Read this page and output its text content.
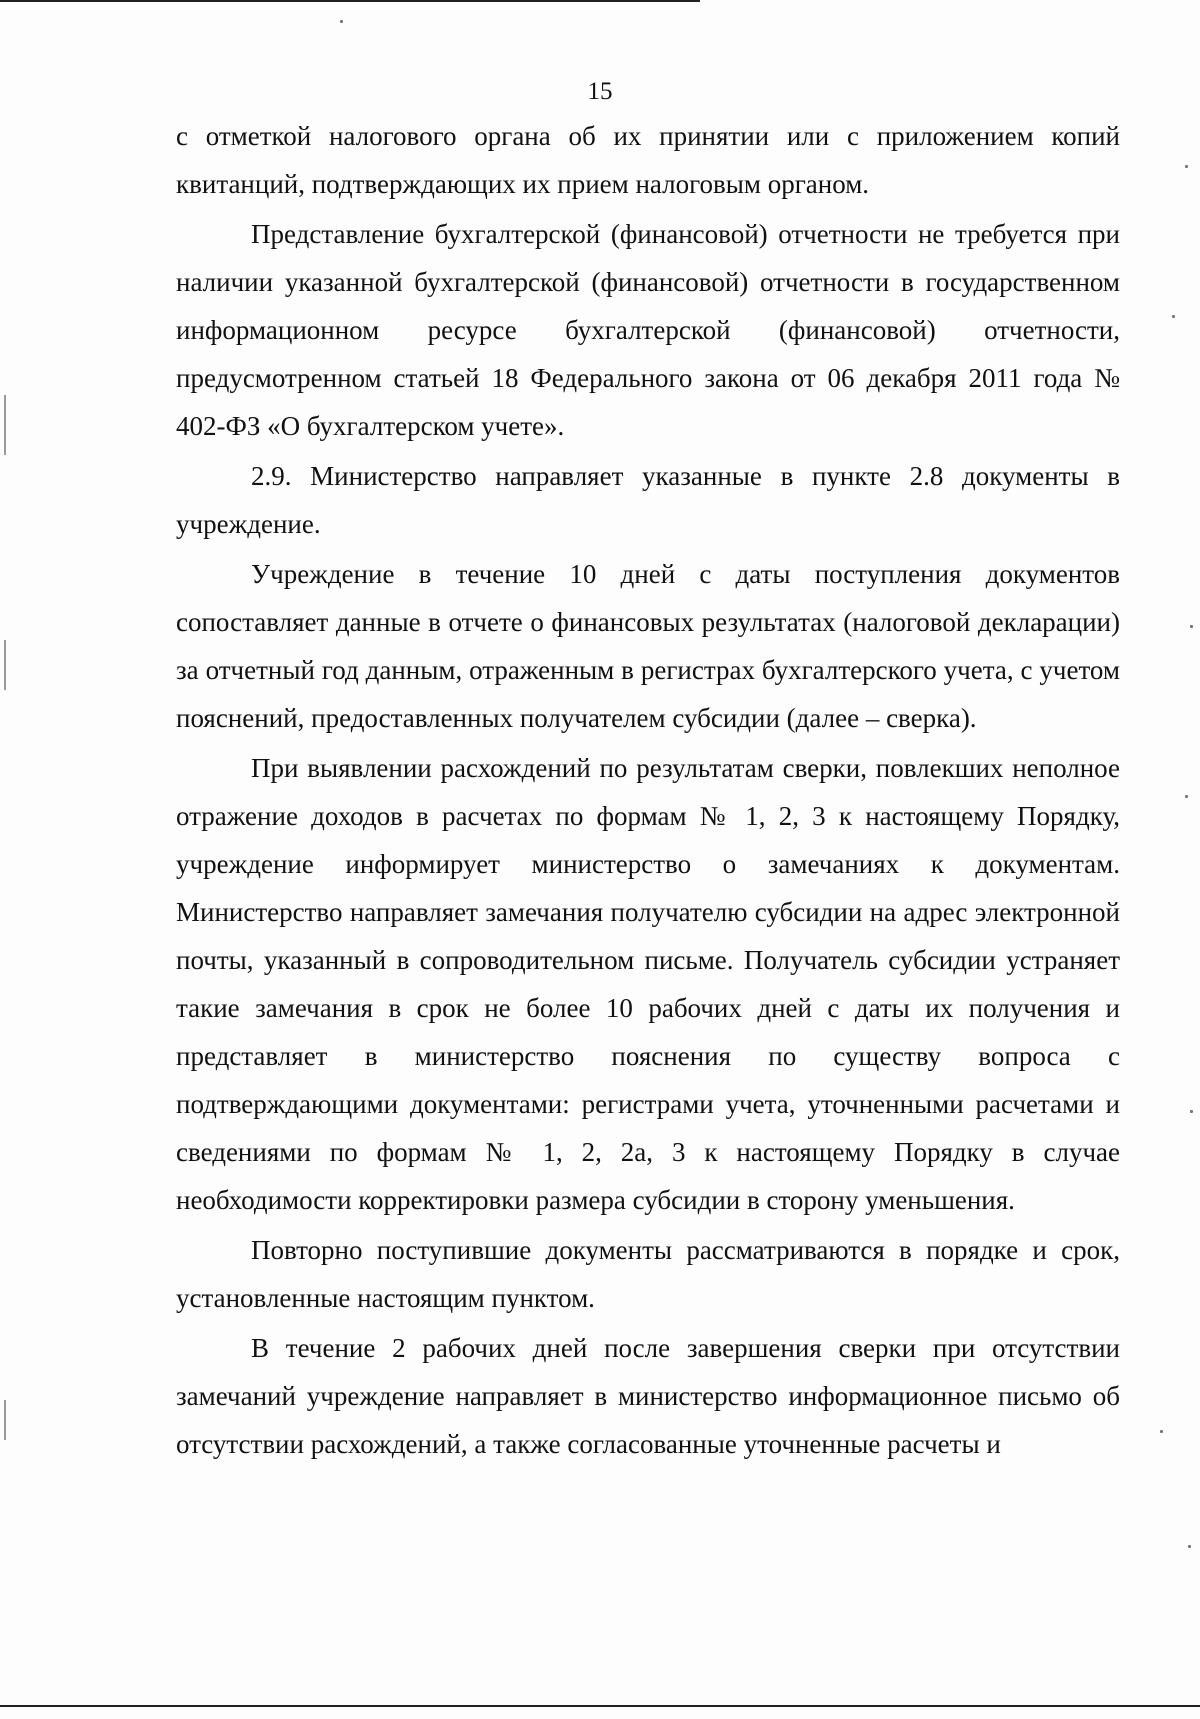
15

с отметкой налогового органа об их принятии или с приложением копий квитанций, подтверждающих их прием налоговым органом.

Представление бухгалтерской (финансовой) отчетности не требуется при наличии указанной бухгалтерской (финансовой) отчетности в государственном информационном ресурсе бухгалтерской (финансовой) отчетности, предусмотренном статьей 18 Федерального закона от 06 декабря 2011 года № 402-ФЗ «О бухгалтерском учете».

2.9. Министерство направляет указанные в пункте 2.8 документы в учреждение.

Учреждение в течение 10 дней с даты поступления документов сопоставляет данные в отчете о финансовых результатах (налоговой декларации) за отчетный год данным, отраженным в регистрах бухгалтерского учета, с учетом пояснений, предоставленных получателем субсидии (далее – сверка).

При выявлении расхождений по результатам сверки, повлекших неполное отражение доходов в расчетах по формам № 1, 2, 3 к настоящему Порядку, учреждение информирует министерство о замечаниях к документам. Министерство направляет замечания получателю субсидии на адрес электронной почты, указанный в сопроводительном письме. Получатель субсидии устраняет такие замечания в срок не более 10 рабочих дней с даты их получения и представляет в министерство пояснения по существу вопроса с подтверждающими документами: регистрами учета, уточненными расчетами и сведениями по формам № 1, 2, 2а, 3 к настоящему Порядку в случае необходимости корректировки размера субсидии в сторону уменьшения.

Повторно поступившие документы рассматриваются в порядке и срок, установленные настоящим пунктом.

В течение 2 рабочих дней после завершения сверки при отсутствии замечаний учреждение направляет в министерство информационное письмо об отсутствии расхождений, а также согласованные уточненные расчеты и
